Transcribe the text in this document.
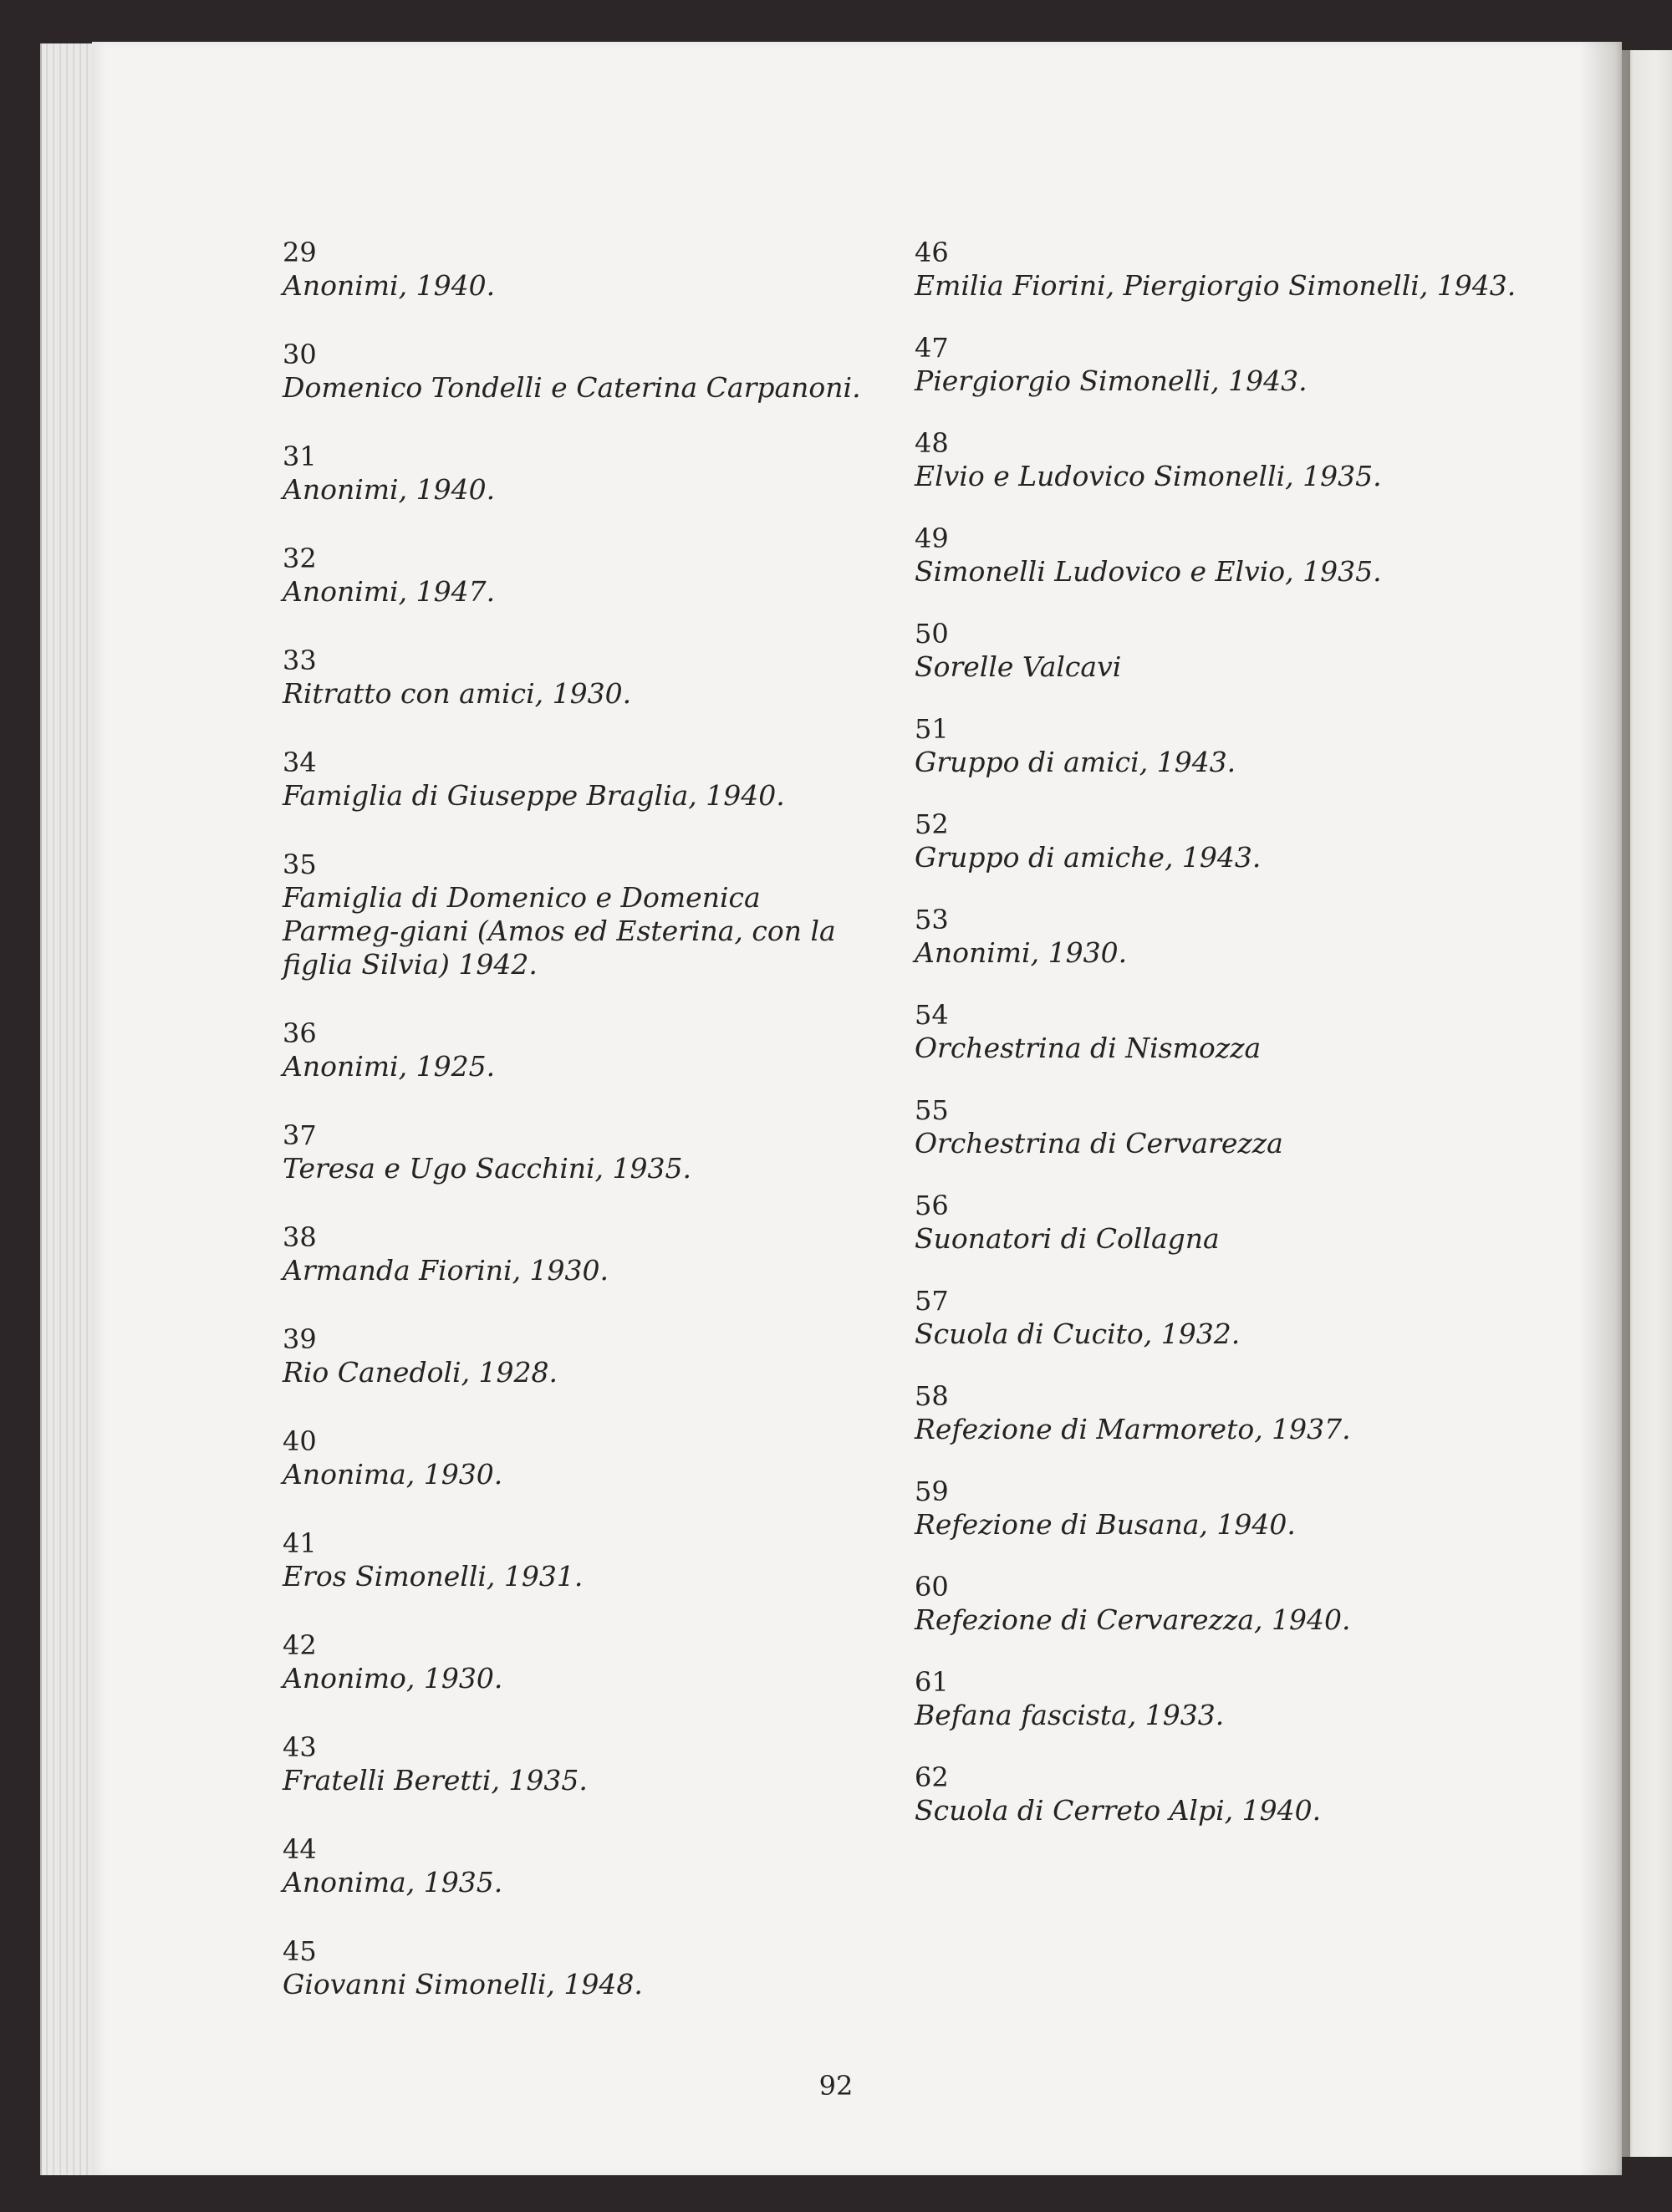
29
Anonimi, 1940.
30
Domenico Tondelli e Caterina Carpanoni.
31
Anonimi, 1940.
32
Anonimi, 1947.
33
Ritratto con amici, 1930.
34
Famiglia di Giuseppe Braglia, 1940.
35
Famiglia di Domenico e Domenica Parmeg-giani (Amos ed Esterina, con la figlia Silvia) 1942.
36
Anonimi, 1925.
37
Teresa e Ugo Sacchini, 1935.
38
Armanda Fiorini, 1930.
39
Rio Canedoli, 1928.
40
Anonima, 1930.
41
Eros Simonelli, 1931.
42
Anonimo, 1930.
43
Fratelli Beretti, 1935.
44
Anonima, 1935.
45
Giovanni Simonelli, 1948.
46
Emilia Fiorini, Piergiorgio Simonelli, 1943.
47
Piergiorgio Simonelli, 1943.
48
Elvio e Ludovico Simonelli, 1935.
49
Simonelli Ludovico e Elvio, 1935.
50
Sorelle Valcavi
51
Gruppo di amici, 1943.
52
Gruppo di amiche, 1943.
53
Anonimi, 1930.
54
Orchestrina di Nismozza
55
Orchestrina di Cervarezza
56
Suonatori di Collagna
57
Scuola di Cucito, 1932.
58
Refezione di Marmoreto, 1937.
59
Refezione di Busana, 1940.
60
Refezione di Cervarezza, 1940.
61
Befana fascista, 1933.
62
Scuola di Cerreto Alpi, 1940.
92
